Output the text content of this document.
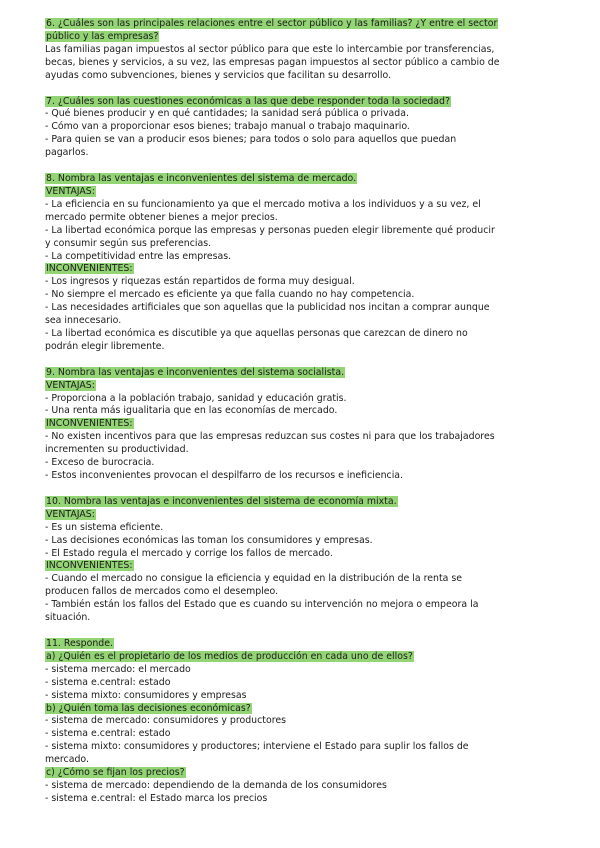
6. ¿Cuáles son las principales relaciones entre el sector público y las familias? ¿Y entre el sector
público y las empresas?
Las familias pagan impuestos al sector público para que este lo intercambie por transferencias,
becas, bienes y servicios, a su vez, las empresas pagan impuestos al sector público a cambio de
ayudas como subvenciones, bienes y servicios que facilitan su desarrollo.
7. ¿Cuáles son las cuestiones económicas a las que debe responder toda la sociedad?
- Qué bienes producir y en qué cantidades; la sanidad será pública o privada.
- Cómo van a proporcionar esos bienes; trabajo manual o trabajo maquinario.
- Para quien se van a producir esos bienes; para todos o solo para aquellos que puedan
pagarlos.
8. Nombra las ventajas e inconvenientes del sistema de mercado.
VENTAJAS:
- La eficiencia en su funcionamiento ya que el mercado motiva a los individuos y a su vez, el
mercado permite obtener bienes a mejor precios.
- La libertad económica porque las empresas y personas pueden elegir libremente qué producir
y consumir según sus preferencias.
- La competitividad entre las empresas.
INCONVENIENTES:
- Los ingresos y riquezas están repartidos de forma muy desigual.
- No siempre el mercado es eficiente ya que falla cuando no hay competencia.
- Las necesidades artificiales que son aquellas que la publicidad nos incitan a comprar aunque
sea innecesario.
- La libertad económica es discutible ya que aquellas personas que carezcan de dinero no
podrán elegir libremente.
9. Nombra las ventajas e inconvenientes del sistema socialista.
VENTAJAS:
- Proporciona a la población trabajo, sanidad y educación gratis.
- Una renta más igualitaria que en las economías de mercado.
INCONVENIENTES:
- No existen incentivos para que las empresas reduzcan sus costes ni para que los trabajadores
incrementen su productividad.
- Exceso de burocracia.
- Estos inconvenientes provocan el despilfarro de los recursos e ineficiencia.
10. Nombra las ventajas e inconvenientes del sistema de economía mixta.
VENTAJAS:
- Es un sistema eficiente.
- Las decisiones económicas las toman los consumidores y empresas.
- El Estado regula el mercado y corrige los fallos de mercado.
INCONVENIENTES:
- Cuando el mercado no consigue la eficiencia y equidad en la distribución de la renta se
producen fallos de mercados como el desempleo.
- También están los fallos del Estado que es cuando su intervención no mejora o empeora la
situación.
11. Responde.
a) ¿Quién es el propietario de los medios de producción en cada uno de ellos?
- sistema mercado: el mercado
- sistema e.central: estado
- sistema mixto: consumidores y empresas
b) ¿Quién toma las decisiones económicas?
- sistema de mercado: consumidores y productores
- sistema e.central: estado
- sistema mixto: consumidores y productores; interviene el Estado para suplir los fallos de
mercado.
c) ¿Cómo se fijan los precios?
- sistema de mercado: dependiendo de la demanda de los consumidores
- sistema e.central: el Estado marca los precios
